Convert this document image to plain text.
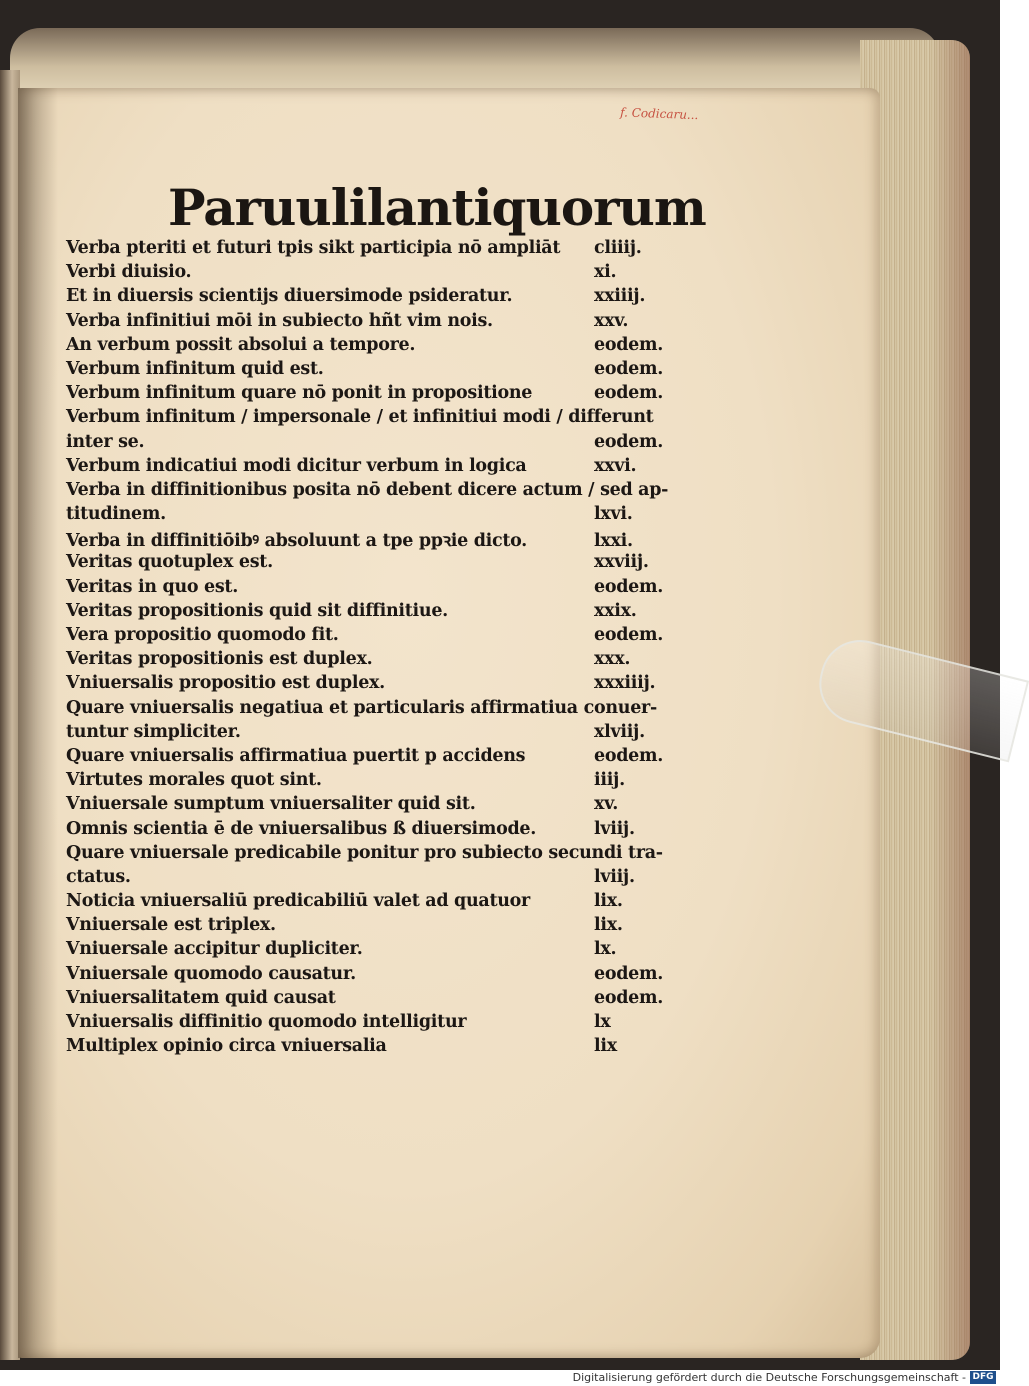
f. Codicaru...
Paruulilantiquorum
Verba pteriti et futuri tpis sikt participia nō ampliāt	cliiij.
Verbi diuisio.	xi.
Et in diuersis scientijs diuersimode psideratur.	xxiiij.
Verba infinitiui mōi in subiecto hñt vim nois.	xxv.
An verbum possit absolui a tempore.	eodem.
Verbum infinitum quid est.	eodem.
Verbum infinitum quare nō ponit in propositione	eodem.
Verbum infinitum / impersonale / et infinitiui modi / differunt
inter se.	eodem.
Verbum indicatiui modi dicitur verbum in logica	xxvi.
Verba in diffinitionibus posita nō debent dicere actum / sed ap-
titudinem.	lxvi.
Verba in diffinitiōibꝰ absoluunt a tpe ppꝛie dicto.	lxxi.
Veritas quotuplex est.	xxviij.
Veritas in quo est.	eodem.
Veritas propositionis quid sit diffinitiue.	xxix.
Vera propositio quomodo fit.	eodem.
Veritas propositionis est duplex.	xxx.
Vniuersalis propositio est duplex.	xxxiiij.
Quare vniuersalis negatiua et particularis affirmatiua conuer-
tuntur simpliciter.	xlviij.
Quare vniuersalis affirmatiua puertit p accidens	eodem.
Virtutes morales quot sint.	iiij.
Vniuersale sumptum vniuersaliter quid sit.	xv.
Omnis scientia ē de vniuersalibus ß diuersimode.	lviij.
Quare vniuersale predicabile ponitur pro subiecto secundi tra-
ctatus.	lviij.
Noticia vniuersaliū predicabiliū valet ad quatuor	lix.
Vniuersale est triplex.	lix.
Vniuersale accipitur dupliciter.	lx.
Vniuersale quomodo causatur.	eodem.
Vniuersalitatem quid causat	eodem.
Vniuersalis diffinitio quomodo intelligitur	lx
Multiplex opinio circa vniuersalia	lix
Digitalisierung gefördert durch die Deutsche Forschungsgemeinschaft - DFG
